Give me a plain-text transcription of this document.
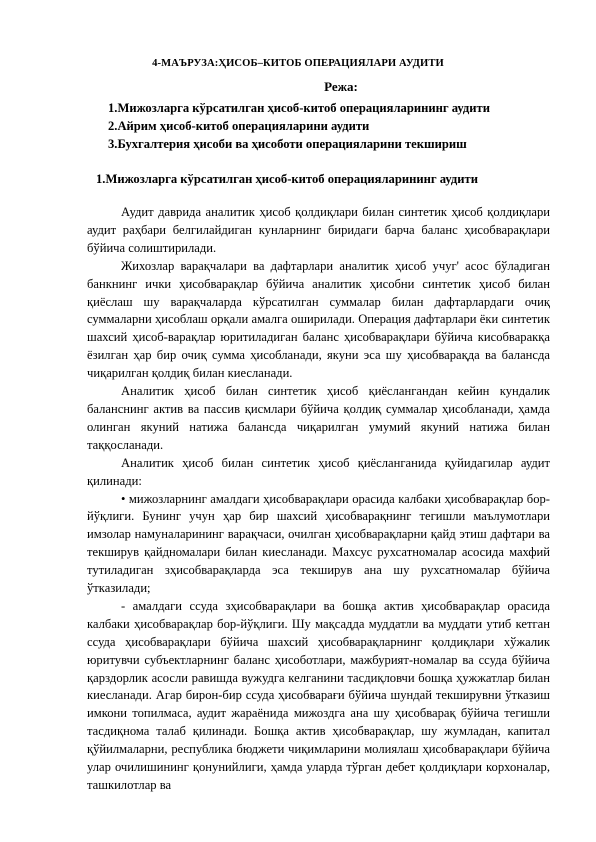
4-МАЪРУЗА:ҲИСОБ–КИТОБ ОПЕРАЦИЯЛАРИ АУДИТИ
Режа:
1.Мижозларга кўрсатилган ҳисоб-китоб операцияларининг аудити
2.Айрим ҳисоб-китоб операцияларини аудити
3.Бухгалтерия ҳисоби ва ҳисоботи операцияларини текшириш
1.Мижозларга кўрсатилган ҳисоб-китоб операцияларининг аудити

Аудит даврида аналитик ҳисоб қолдиқлари билан синтетик ҳисоб қолдиқлари аудит раҳбари белгилайдиган кунларнинг биридаги барча баланс ҳисобварақлари бўйича солиштирилади.

Жихозлар варақчалари ва дафтарлари аналитик ҳисоб учуг' асос бўладиган банкнинг ички ҳисобварақлар бўйича аналитик ҳисобни синтетик ҳисоб билан қиёслаш шу варақчаларда кўрсатилган суммалар билан дафтарлардаги очиқ суммаларни ҳисоблаш орқали амалга оширилади. Операция дафтарлари ёки синтетик шахсий ҳисоб-варақлар юритиладиган баланс ҳисобварақлари бўйича кисобваракқа ёзилган ҳар бир очиқ сумма ҳисобланади, якуни эса шу ҳисобварақда ва балансда чиқарилган қолдиқ билан киесланади.

Аналитик ҳисоб билан синтетик ҳисоб қиёслангандан кейин кундалик баланснинг актив ва пассив қисмлари бўйича қолдиқ суммалар ҳисобланади, ҳамда олинган якуний натижа балансда чиқарилган умумий якуний натижа билан таққосланади.

Аналитик ҳисоб билан синтетик ҳисоб қиёсланганида қуйидагилар аудит қилинади:

• мижозларнинг амалдаги ҳисобварақлари орасида калбаки ҳисобварақлар бор-йўқлиги. Бунинг учун ҳар бир шахсий ҳисобварақнинг тегишли маълумотлари имзолар намуналарининг варақчаси, очилган ҳисобварақларни қайд этиш дафтари ва текширув қайдномалари билан киесланади. Махсус рухсатномалар асосида махфий тутиладиган зҳисобварақларда эса текширув ана шу рухсатномалар бўйича ўтказилади;

- амалдаги ссуда зҳисобварақлари ва бошқа актив ҳисобварақлар орасида калбаки ҳисобварақлар бор-йўқлиги. Шу мақсадда муддатли ва муддати утиб кетган ссуда ҳисобварақлари бўйича шахсий ҳисобварақларнинг қолдиқлари хўжалик юритувчи субъектларнинг баланс ҳисоботлари, мажбурият-номалар ва ссуда бўйича қарздорлик асосли равишда вужудга келганини тасдиқловчи бошқа ҳужжатлар билан киесланади. Агар бирон-бир ссуда ҳисобварағи бўйича шундай текширувни ўтказиш имкони топилмаса, аудит жараёнида мижоздга ана шу ҳисобварақ бўйича тегишли тасдиқнома талаб қилинади. Бошқа актив ҳисобварақлар, шу жумладан, капитал қўйилмаларни, республика бюджети чиқимларини молиялаш ҳисобварақлари бўйича улар очилишининг қонунийлиги, ҳамда уларда тўрган дебет қолдиқлари корхоналар, ташкилотлар ва
